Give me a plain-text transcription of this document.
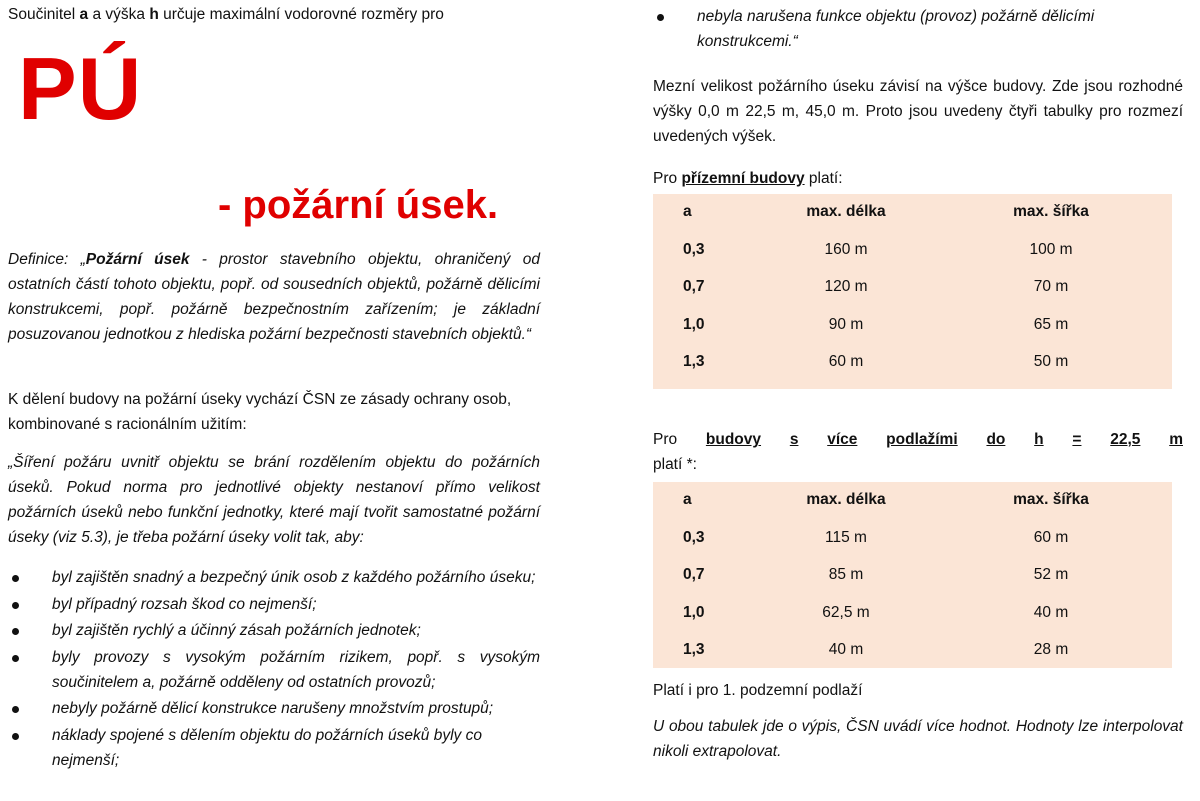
Součinitel a a výška h určuje maximální vodorovné rozměry pro

PÚ
- požární úsek.

Definice: „Požární úsek - prostor stavebního objektu, ohraničený od ostatních částí tohoto objektu, popř. od sousedních objektů, požárně dělicími konstrukcemi, popř. požárně bezpečnostním zařízením; je základní posuzovanou jednotkou z hlediska požární bezpečnosti stavebních objektů.“

K dělení budovy na požární úseky vychází ČSN ze zásady ochrany osob, kombinované s racionálním užitím:

„Šíření požáru uvnitř objektu se brání rozdělením objektu do požárních úseků. Pokud norma pro jednotlivé objekty nestanoví přímo velikost požárních úseků nebo funkční jednotky, které mají tvořit samostatné požární úseky (viz 5.3), je třeba požární úseky volit tak, aby:

byl zajištěn snadný a bezpečný únik osob z každého požárního úseku;
byl případný rozsah škod co nejmenší;
byl zajištěn rychlý a účinný zásah požárních jednotek;
byly provozy s vysokým požárním rizikem, popř. s vysokým součinitelem a, požárně odděleny od ostatních provozů;
nebyly požárně dělicí konstrukce narušeny množstvím prostupů;
náklady spojené s dělením objektu do požárních úseků byly co nejmenší;
nebyla narušena funkce objektu (provoz) požárně dělicími konstrukcemi.“

Mezní velikost požárního úseku závisí na výšce budovy. Zde jsou rozhodné výšky 0,0 m 22,5 m, 45,0 m. Proto jsou uvedeny čtyři tabulky pro rozmezí uvedených výšek.

Pro přízemní budovy platí:

a	max. délka	max. šířka
0,3	160 m	100 m
0,7	120 m	70 m
1,0	90 m	65 m
1,3	60 m	50 m
Pro budovy s více podlažími do h = 22,5 m
platí *:
a	max. délka	max. šířka
0,3	115 m	60 m
0,7	85 m	52 m
1,0	62,5 m	40 m
1,3	40 m	28 m

Platí i pro 1. podzemní podlaží

U obou tabulek jde o výpis, ČSN uvádí více hodnot. Hodnoty lze interpolovat nikoli extrapolovat.
